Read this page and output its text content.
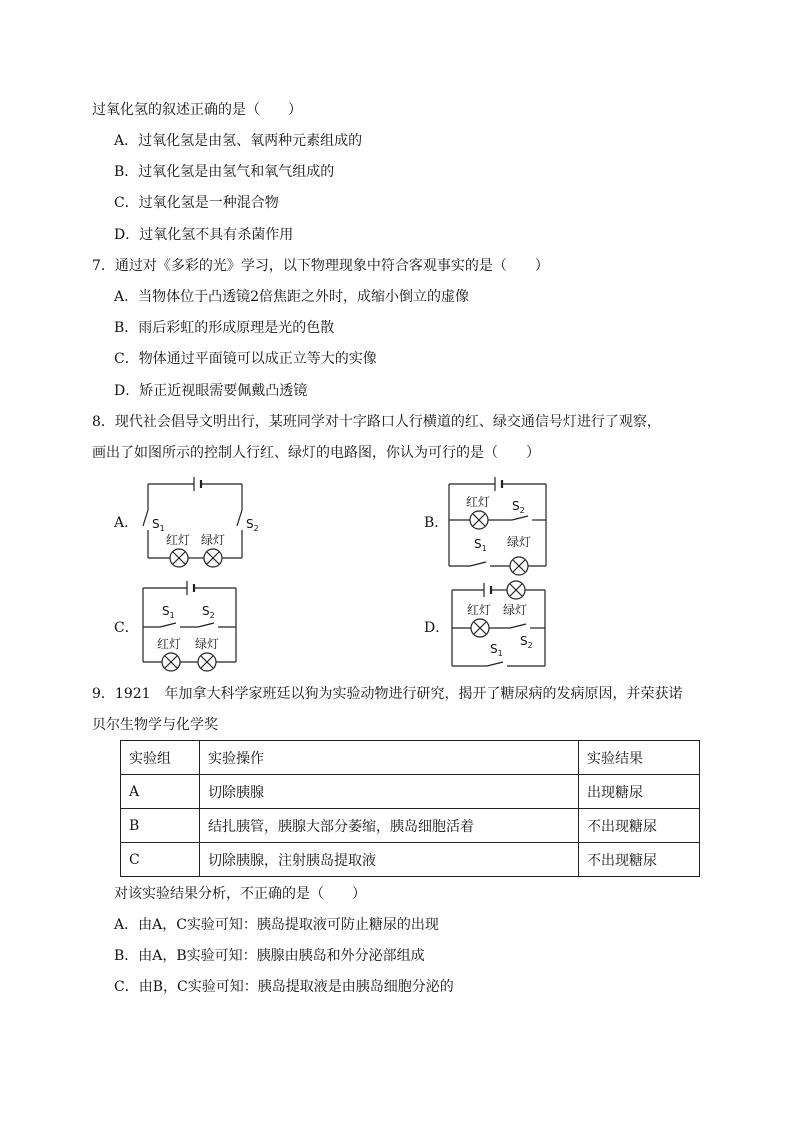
过氧化氢的叙述正确的是（　　）
A．过氧化氢是由氢、氧两种元素组成的
B．过氧化氢是由氢气和氧气组成的
C．过氧化氢是一种混合物
D．过氧化氢不具有杀菌作用
7．通过对《多彩的光》学习，以下物理现象中符合客观事实的是（　　）
A．当物体位于凸透镜2倍焦距之外时，成缩小倒立的虚像
B．雨后彩虹的形成原理是光的色散
C．物体通过平面镜可以成正立等大的实像
D．矫正近视眼需要佩戴凸透镜
8．现代社会倡导文明出行，某班同学对十字路口人行横道的红、绿交通信号灯进行了观察，
画出了如图所示的控制人行红、绿灯的电路图，你认为可行的是（　　）
A．	B．
C．	D．
$S_1$	$S_2$
红灯 绿灯
红灯 $S_2$
$S_1$ 绿灯
$S_1$ $S_2$
红灯 绿灯
红灯 绿灯
$S_2$
$S_1$
9．1921　年加拿大科学家班廷以狗为实验动物进行研究，揭开了糖尿病的发病原因，并荣获诺
贝尔生物学与化学奖
实验组	实验操作	实验结果
A	切除胰腺	出现糖尿
B	结扎胰管，胰腺大部分萎缩，胰岛细胞活着	不出现糖尿
C	切除胰腺，注射胰岛提取液	不出现糖尿
对该实验结果分析，不正确的是（　　）
A．由A，C实验可知：胰岛提取液可防止糖尿的出现
B．由A，B实验可知：胰腺由胰岛和外分泌部组成
C．由B，C实验可知：胰岛提取液是由胰岛细胞分泌的
